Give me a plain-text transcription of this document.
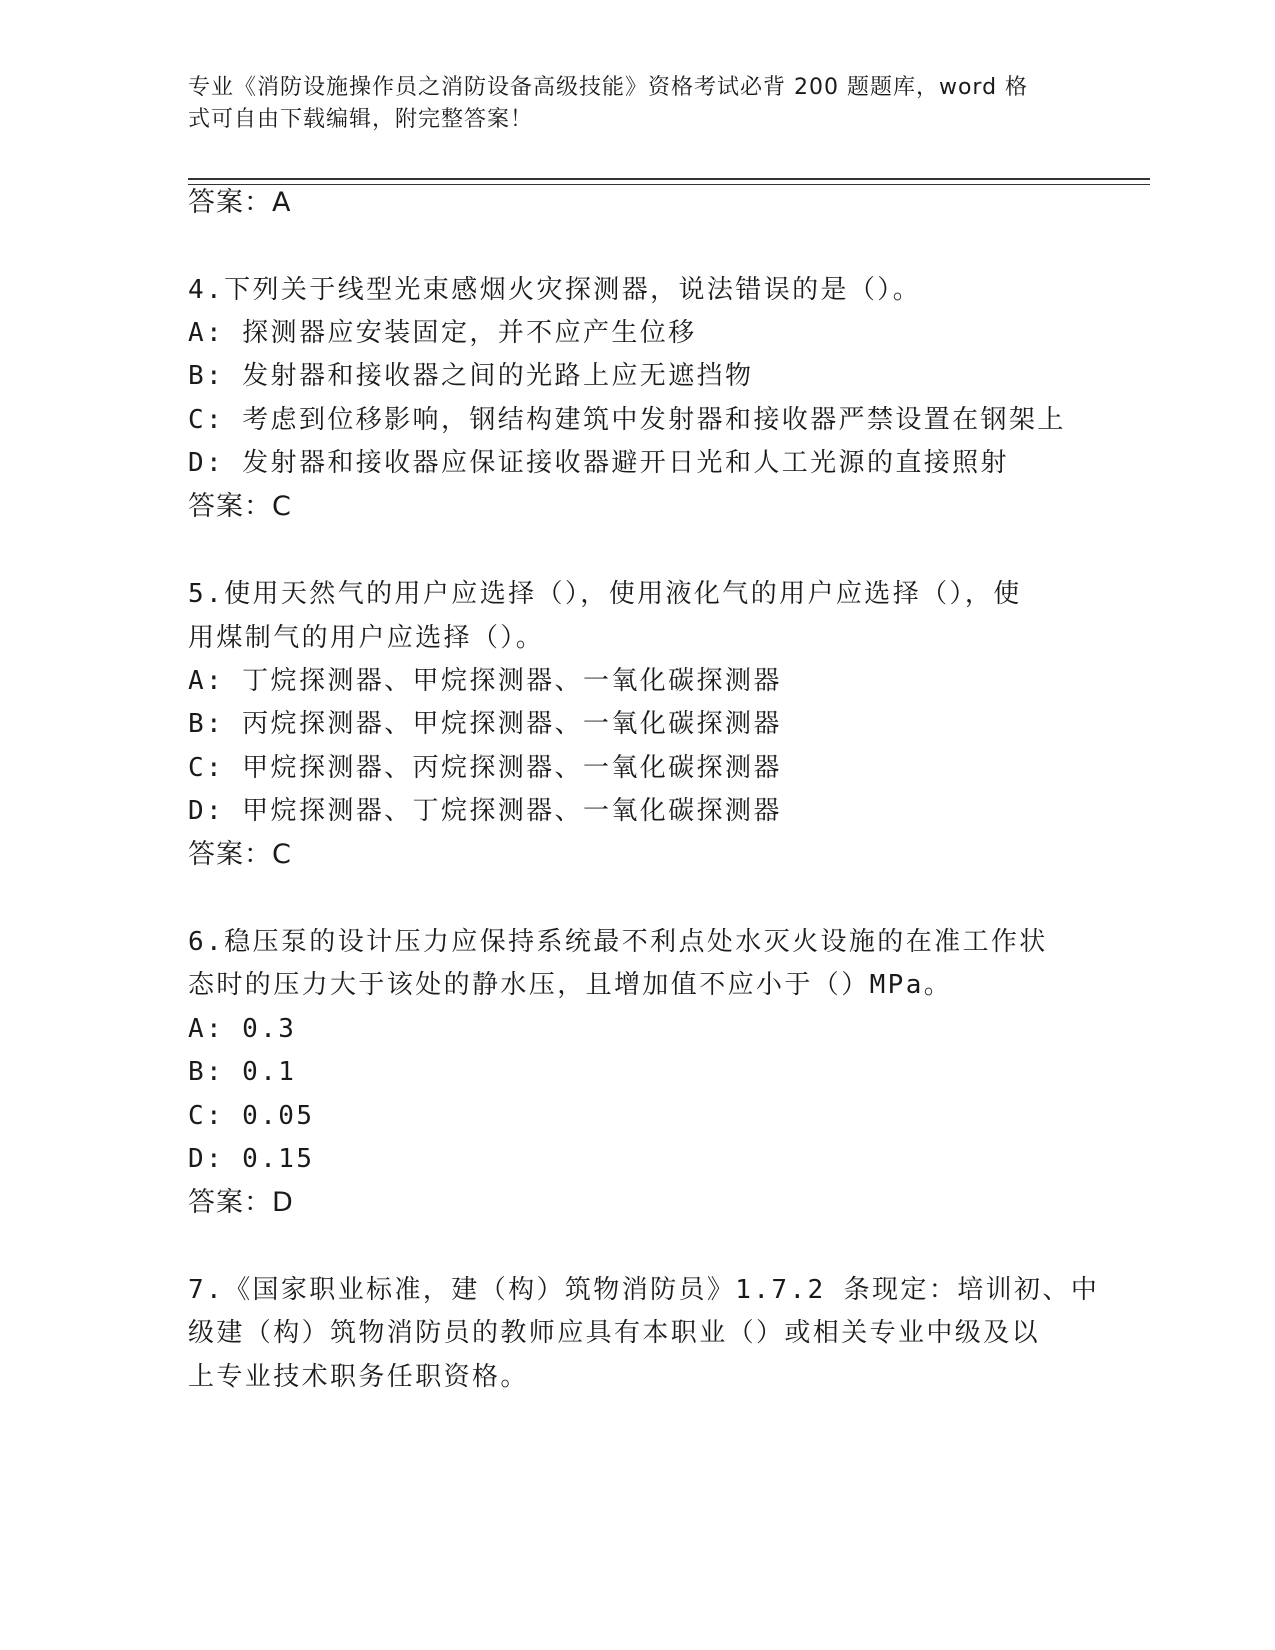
专业《消防设施操作员之消防设备高级技能》资格考试必背 200 题题库，word 格
式可自由下载编辑，附完整答案！
答案：A
4.下列关于线型光束感烟火灾探测器，说法错误的是（）。
A: 探测器应安装固定，并不应产生位移
B: 发射器和接收器之间的光路上应无遮挡物
C: 考虑到位移影响，钢结构建筑中发射器和接收器严禁设置在钢架上
D: 发射器和接收器应保证接收器避开日光和人工光源的直接照射
答案：C
5.使用天然气的用户应选择（），使用液化气的用户应选择（），使
用煤制气的用户应选择（）。
A: 丁烷探测器、甲烷探测器、一氧化碳探测器
B: 丙烷探测器、甲烷探测器、一氧化碳探测器
C: 甲烷探测器、丙烷探测器、一氧化碳探测器
D: 甲烷探测器、丁烷探测器、一氧化碳探测器
答案：C
6.稳压泵的设计压力应保持系统最不利点处水灭火设施的在准工作状
态时的压力大于该处的静水压，且增加值不应小于（）MPa。
A: 0.3
B: 0.1
C: 0.05
D: 0.15
答案：D
7.《国家职业标准，建（构）筑物消防员》1.7.2 条现定：培训初、中
级建（构）筑物消防员的教师应具有本职业（）或相关专业中级及以
上专业技术职务任职资格。
